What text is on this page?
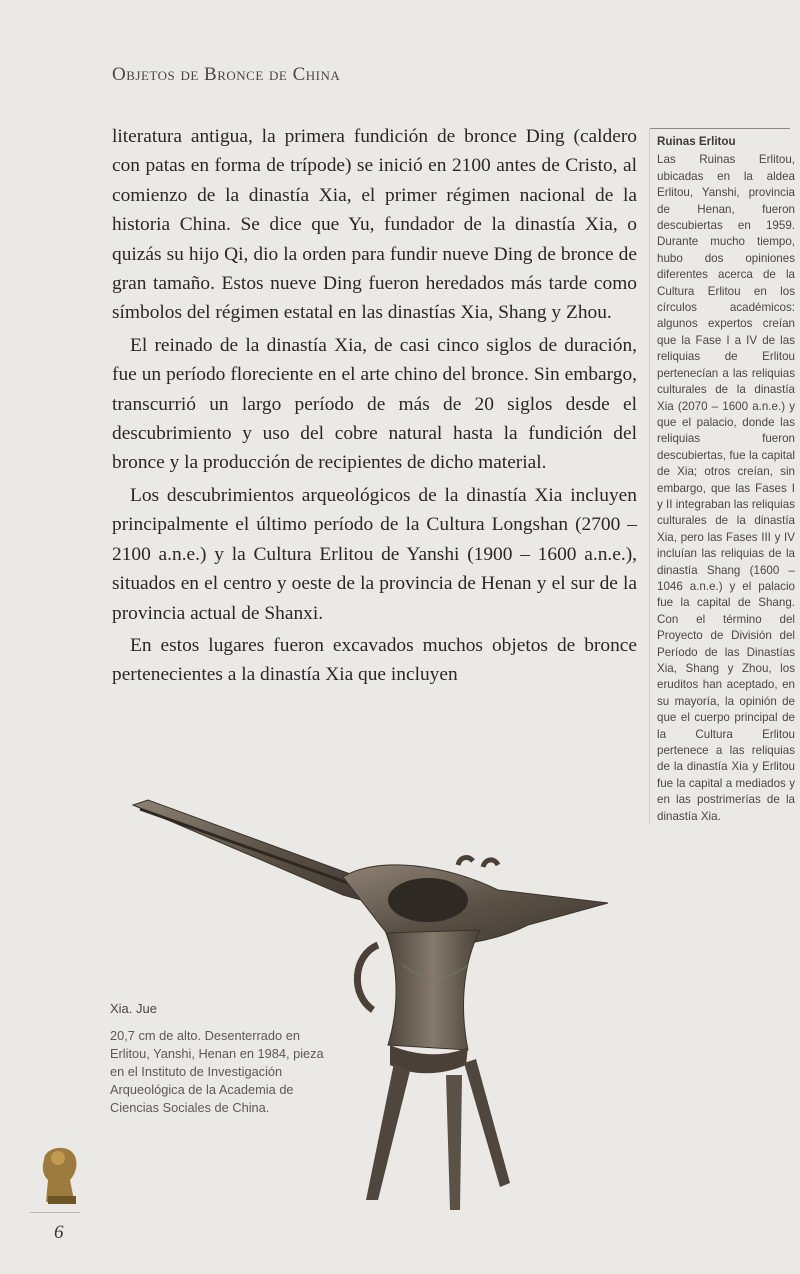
Objetos de Bronce de China

literatura antigua, la primera fundición de bronce Ding (caldero con patas en forma de trípode) se inició en 2100 antes de Cristo, al comienzo de la dinastía Xia, el primer régimen nacional de la historia China. Se dice que Yu, fundador de la dinastía Xia, o quizás su hijo Qi, dio la orden para fundir nueve Ding de bronce de gran tamaño. Estos nueve Ding fueron heredados más tarde como símbolos del régimen estatal en las dinastías Xia, Shang y Zhou.

El reinado de la dinastía Xia, de casi cinco siglos de duración, fue un período floreciente en el arte chino del bronce. Sin embargo, transcurrió un largo período de más de 20 siglos desde el descubrimiento y uso del cobre natural hasta la fundición del bronce y la producción de recipientes de dicho material.

Los descubrimientos arqueológicos de la dinastía Xia incluyen principalmente el último período de la Cultura Longshan (2700 – 2100 a.n.e.) y la Cultura Erlitou de Yanshi (1900 – 1600 a.n.e.), situados en el centro y oeste de la provincia de Henan y el sur de la provincia actual de Shanxi.

En estos lugares fueron excavados muchos objetos de bronce pertenecientes a la dinastía Xia que incluyen

Ruinas Erlitou
Las Ruinas Erlitou, ubicadas en la aldea Erlitou, Yanshi, provincia de Henan, fueron descubiertas en 1959. Durante mucho tiempo, hubo dos opiniones diferentes acerca de la Cultura Erlitou en los círculos académicos: algunos expertos creían que la Fase I a IV de las reliquias de Erlitou pertenecían a las reliquias culturales de la dinastía Xia (2070 – 1600 a.n.e.) y que el palacio, donde las reliquias fueron descubiertas, fue la capital de Xia; otros creían, sin embargo, que las Fases I y II integraban las reliquias culturales de la dinastía Xia, pero las Fases III y IV incluían las reliquias de la dinastía Shang (1600 – 1046 a.n.e.) y el palacio fue la capital de Shang. Con el término del Proyecto de División del Período de las Dinastías Xia, Shang y Zhou, los eruditos han aceptado, en su mayoría, la opinión de que el cuerpo principal de la Cultura Erlitou pertenece a las reliquias de la dinastía Xia y Erlitou fue la capital a mediados y en las postrimerías de la dinastía Xia.
Xia. Jue
20,7 cm de alto. Desenterrado en Erlitou, Yanshi, Henan en 1984, pieza en el Instituto de Investigación Arqueológica de la Academia de Ciencias Sociales de China.
6
